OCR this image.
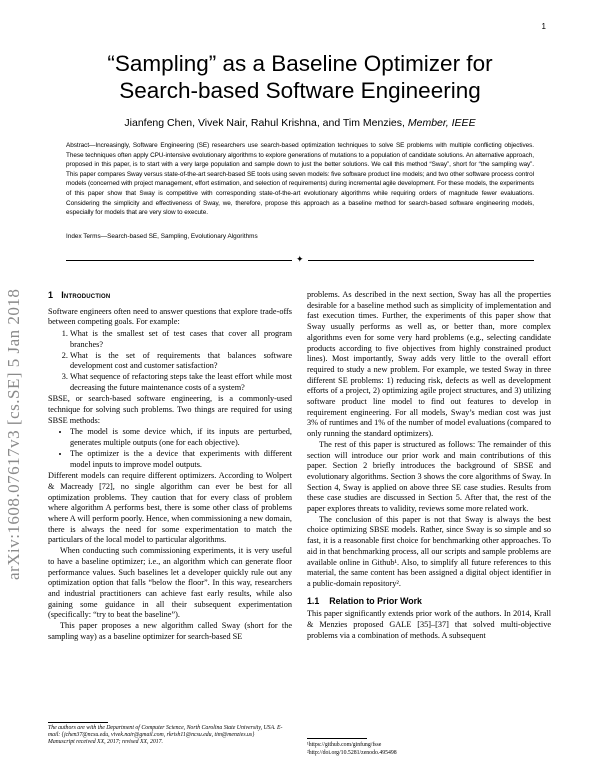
1
arXiv:1608.07617v3 [cs.SE] 5 Jan 2018
“Sampling” as a Baseline Optimizer for
Search-based Software Engineering
Jianfeng Chen, Vivek Nair, Rahul Krishna, and Tim Menzies, Member, IEEE
Abstract—Increasingly, Software Engineering (SE) researchers use search-based optimization techniques to solve SE problems with multiple conflicting objectives. These techniques often apply CPU-intensive evolutionary algorithms to explore generations of mutations to a population of candidate solutions. An alternative approach, proposed in this paper, is to start with a very large population and sample down to just the better solutions. We call this method “Sway”, short for “the sampling way”. This paper compares Sway versus state-of-the-art search-based SE tools using seven models: five software product line models; and two other software process control models (concerned with project management, effort estimation, and selection of requirements) during incremental agile development. For these models, the experiments of this paper show that Sway is competitive with corresponding state-of-the-art evolutionary algorithms while requiring orders of magnitude fewer evaluations. Considering the simplicity and effectiveness of Sway, we, therefore, propose this approach as a baseline method for search-based software engineering models, especially for models that are very slow to execute.
Index Terms—Search-based SE, Sampling, Evolutionary Algorithms
✦
1 Introduction

Software engineers often need to answer questions that explore trade-offs between competing goals. For example:

1. What is the smallest set of test cases that cover all program branches?
2. What is the set of requirements that balances software development cost and customer satisfaction?
3. What sequence of refactoring steps take the least effort while most decreasing the future maintenance costs of a system?

SBSE, or search-based software engineering, is a commonly-used technique for solving such problems. Two things are required for using SBSE methods:

• The model is some device which, if its inputs are perturbed, generates multiple outputs (one for each objective).
• The optimizer is the a device that experiments with different model inputs to improve model outputs.

Different models can require different optimizers. According to Wolpert & Macready [72], no single algorithm can ever be best for all optimization problems. They caution that for every class of problem where algorithm A performs best, there is some other class of problems where A will perform poorly. Hence, when commissioning a new domain, there is always the need for some experimentation to match the particulars of the local model to particular algorithms.

When conducting such commissioning experiments, it is very useful to have a baseline optimizer; i.e., an algorithm which can generate floor performance values. Such baselines let a developer quickly rule out any optimization option that falls “below the floor”. In this way, researchers and industrial practitioners can achieve fast early results, while also gaining some guidance in all their subsequent experimentation (specifically: “try to beat the baseline”).

This paper proposes a new algorithm called Sway (short for the sampling way) as a baseline optimizer for search-based SE

The authors are with the Department of Computer Science, North Carolina State University, USA. E-mail: {jchen37@ncsu.edu, vivek.nair@gmail.com, rkrish11@ncsu.edu, tim@menzies.us}
Manuscript received XX, 2017; revised XX, 2017.

problems. As described in the next section, Sway has all the properties desirable for a baseline method such as simplicity of implementation and fast execution times. Further, the experiments of this paper show that Sway usually performs as well as, or better than, more complex algorithms even for some very hard problems (e.g., selecting candidate products according to five objectives from highly constrained product lines). Most importantly, Sway adds very little to the overall effort required to study a new problem. For example, we tested Sway in three different SE problems: 1) reducing risk, defects as well as development efforts of a project, 2) optimizing agile project structures, and 3) utilizing software product line model to find out features to develop in requirement engineering. For all models, Sway’s median cost was just 3% of runtimes and 1% of the number of model evaluations (compared to only running the standard optimizers).

The rest of this paper is structured as follows: The remainder of this section will introduce our prior work and main contributions of this paper. Section 2 briefly introduces the background of SBSE and evolutionary algorithms. Section 3 shows the core algorithms of Sway. In Section 4, Sway is applied on above three SE case studies. Results from these case studies are discussed in Section 5. After that, the rest of the paper explores threats to validity, reviews some more related work.

The conclusion of this paper is not that Sway is always the best choice optimizing SBSE models. Rather, since Sway is so simple and so fast, it is a reasonable first choice for benchmarking other approaches. To aid in that benchmarking process, all our scripts and sample problems are available online in Github¹. Also, to simplify all future references to this material, the same content has been assigned a digital object identifier in a public-domain repository².

1.1 Relation to Prior Work

This paper significantly extends prior work of the authors. In 2014, Krall & Menzies proposed GALE [35]–[37] that solved multi-objective problems via a combination of methods. A subsequent

¹https://github.com/ginfung/fsse
²http://doi.org/10.5281/zenodo.495498
